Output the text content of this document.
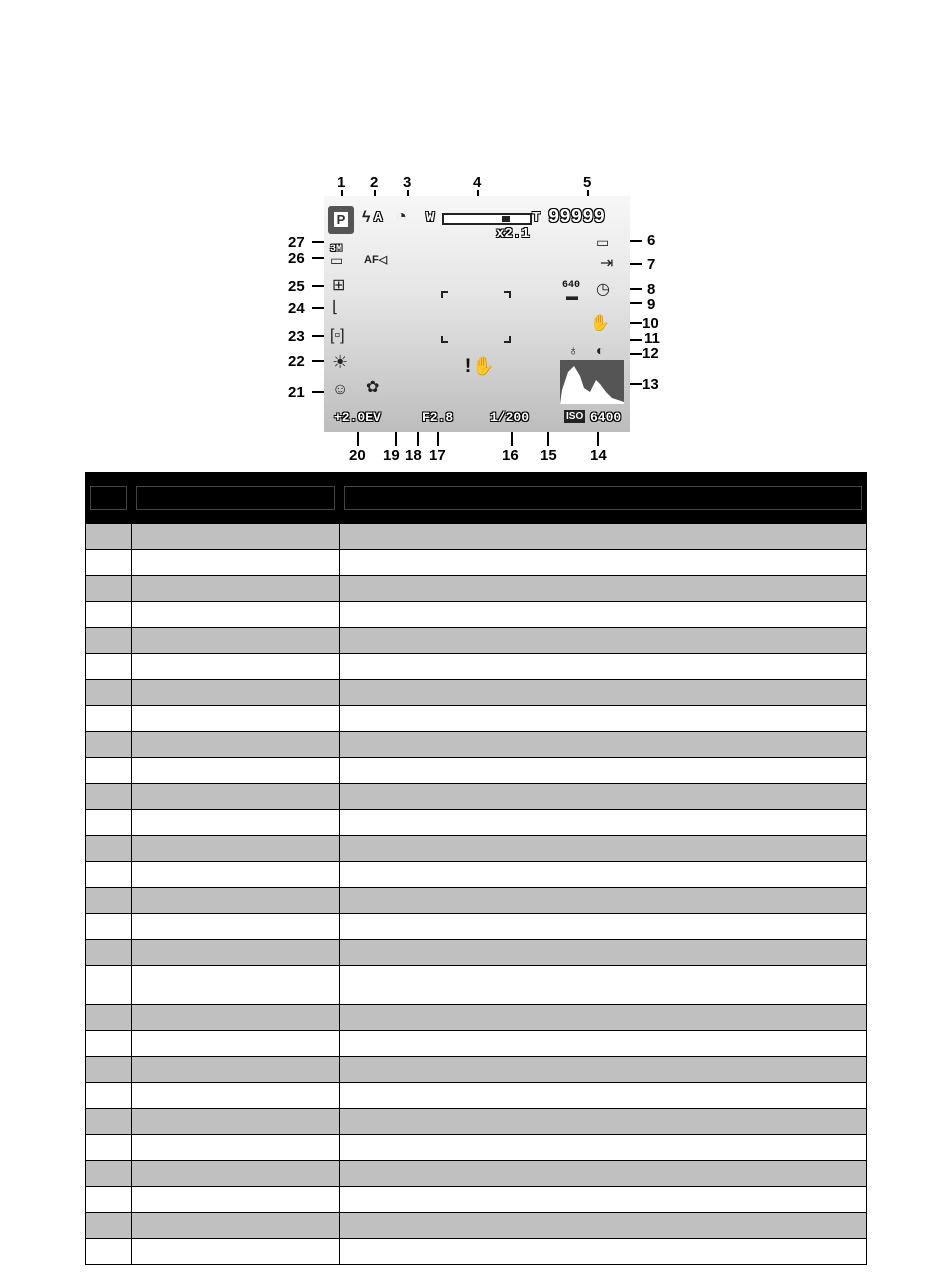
P ϟ A ◔ W	T 99999
x2.1	▭
⇥
◷
640
▬
✋
♁ ◐
3M
▭ AF◁
⊞
⌊
[▫]
☀
☺ ✿
!
✋
+2.0EV	F2.8	1/200	ISO 6400
1 2 3	4	5
6
7
8
9
10
11
12
13
14
15
16
17
18
19
20
21
22
23
24
25
26
27
